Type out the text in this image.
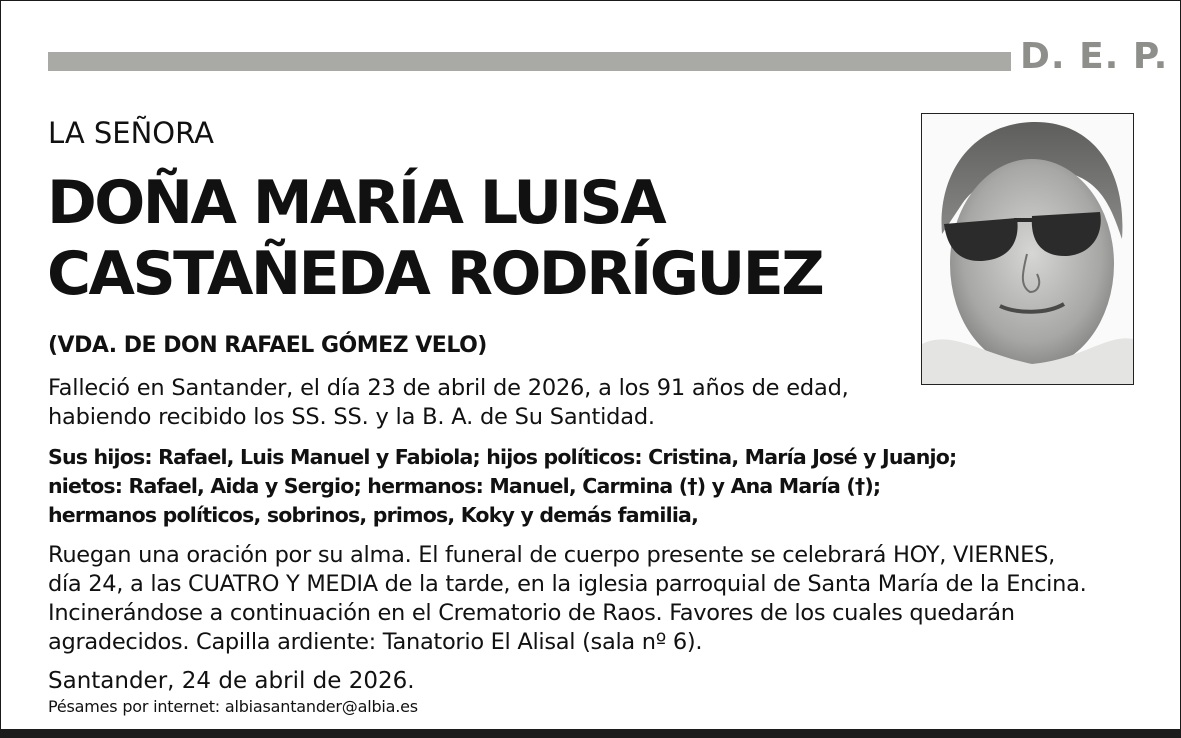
D. E. P.
LA SEÑORA
DOÑA MARÍA LUISA
CASTAÑEDA RODRÍGUEZ
(VDA. DE DON RAFAEL GÓMEZ VELO)
Falleció en Santander, el día 23 de abril de 2026, a los 91 años de edad,
habiendo recibido los SS. SS. y la B. A. de Su Santidad.
Sus hijos: Rafael, Luis Manuel y Fabiola; hijos políticos: Cristina, María José y Juanjo;
nietos: Rafael, Aida y Sergio; hermanos: Manuel, Carmina (†) y Ana María (†);
hermanos políticos, sobrinos, primos, Koky y demás familia,
Ruegan una oración por su alma. El funeral de cuerpo presente se celebrará HOY, VIERNES,
día 24, a las CUATRO Y MEDIA de la tarde, en la iglesia parroquial de Santa María de la Encina.
Incinerándose a continuación en el Crematorio de Raos. Favores de los cuales quedarán
agradecidos. Capilla ardiente: Tanatorio El Alisal (sala nº 6).
Santander, 24 de abril de 2026.
Pésames por internet: albiasantander@albia.es
